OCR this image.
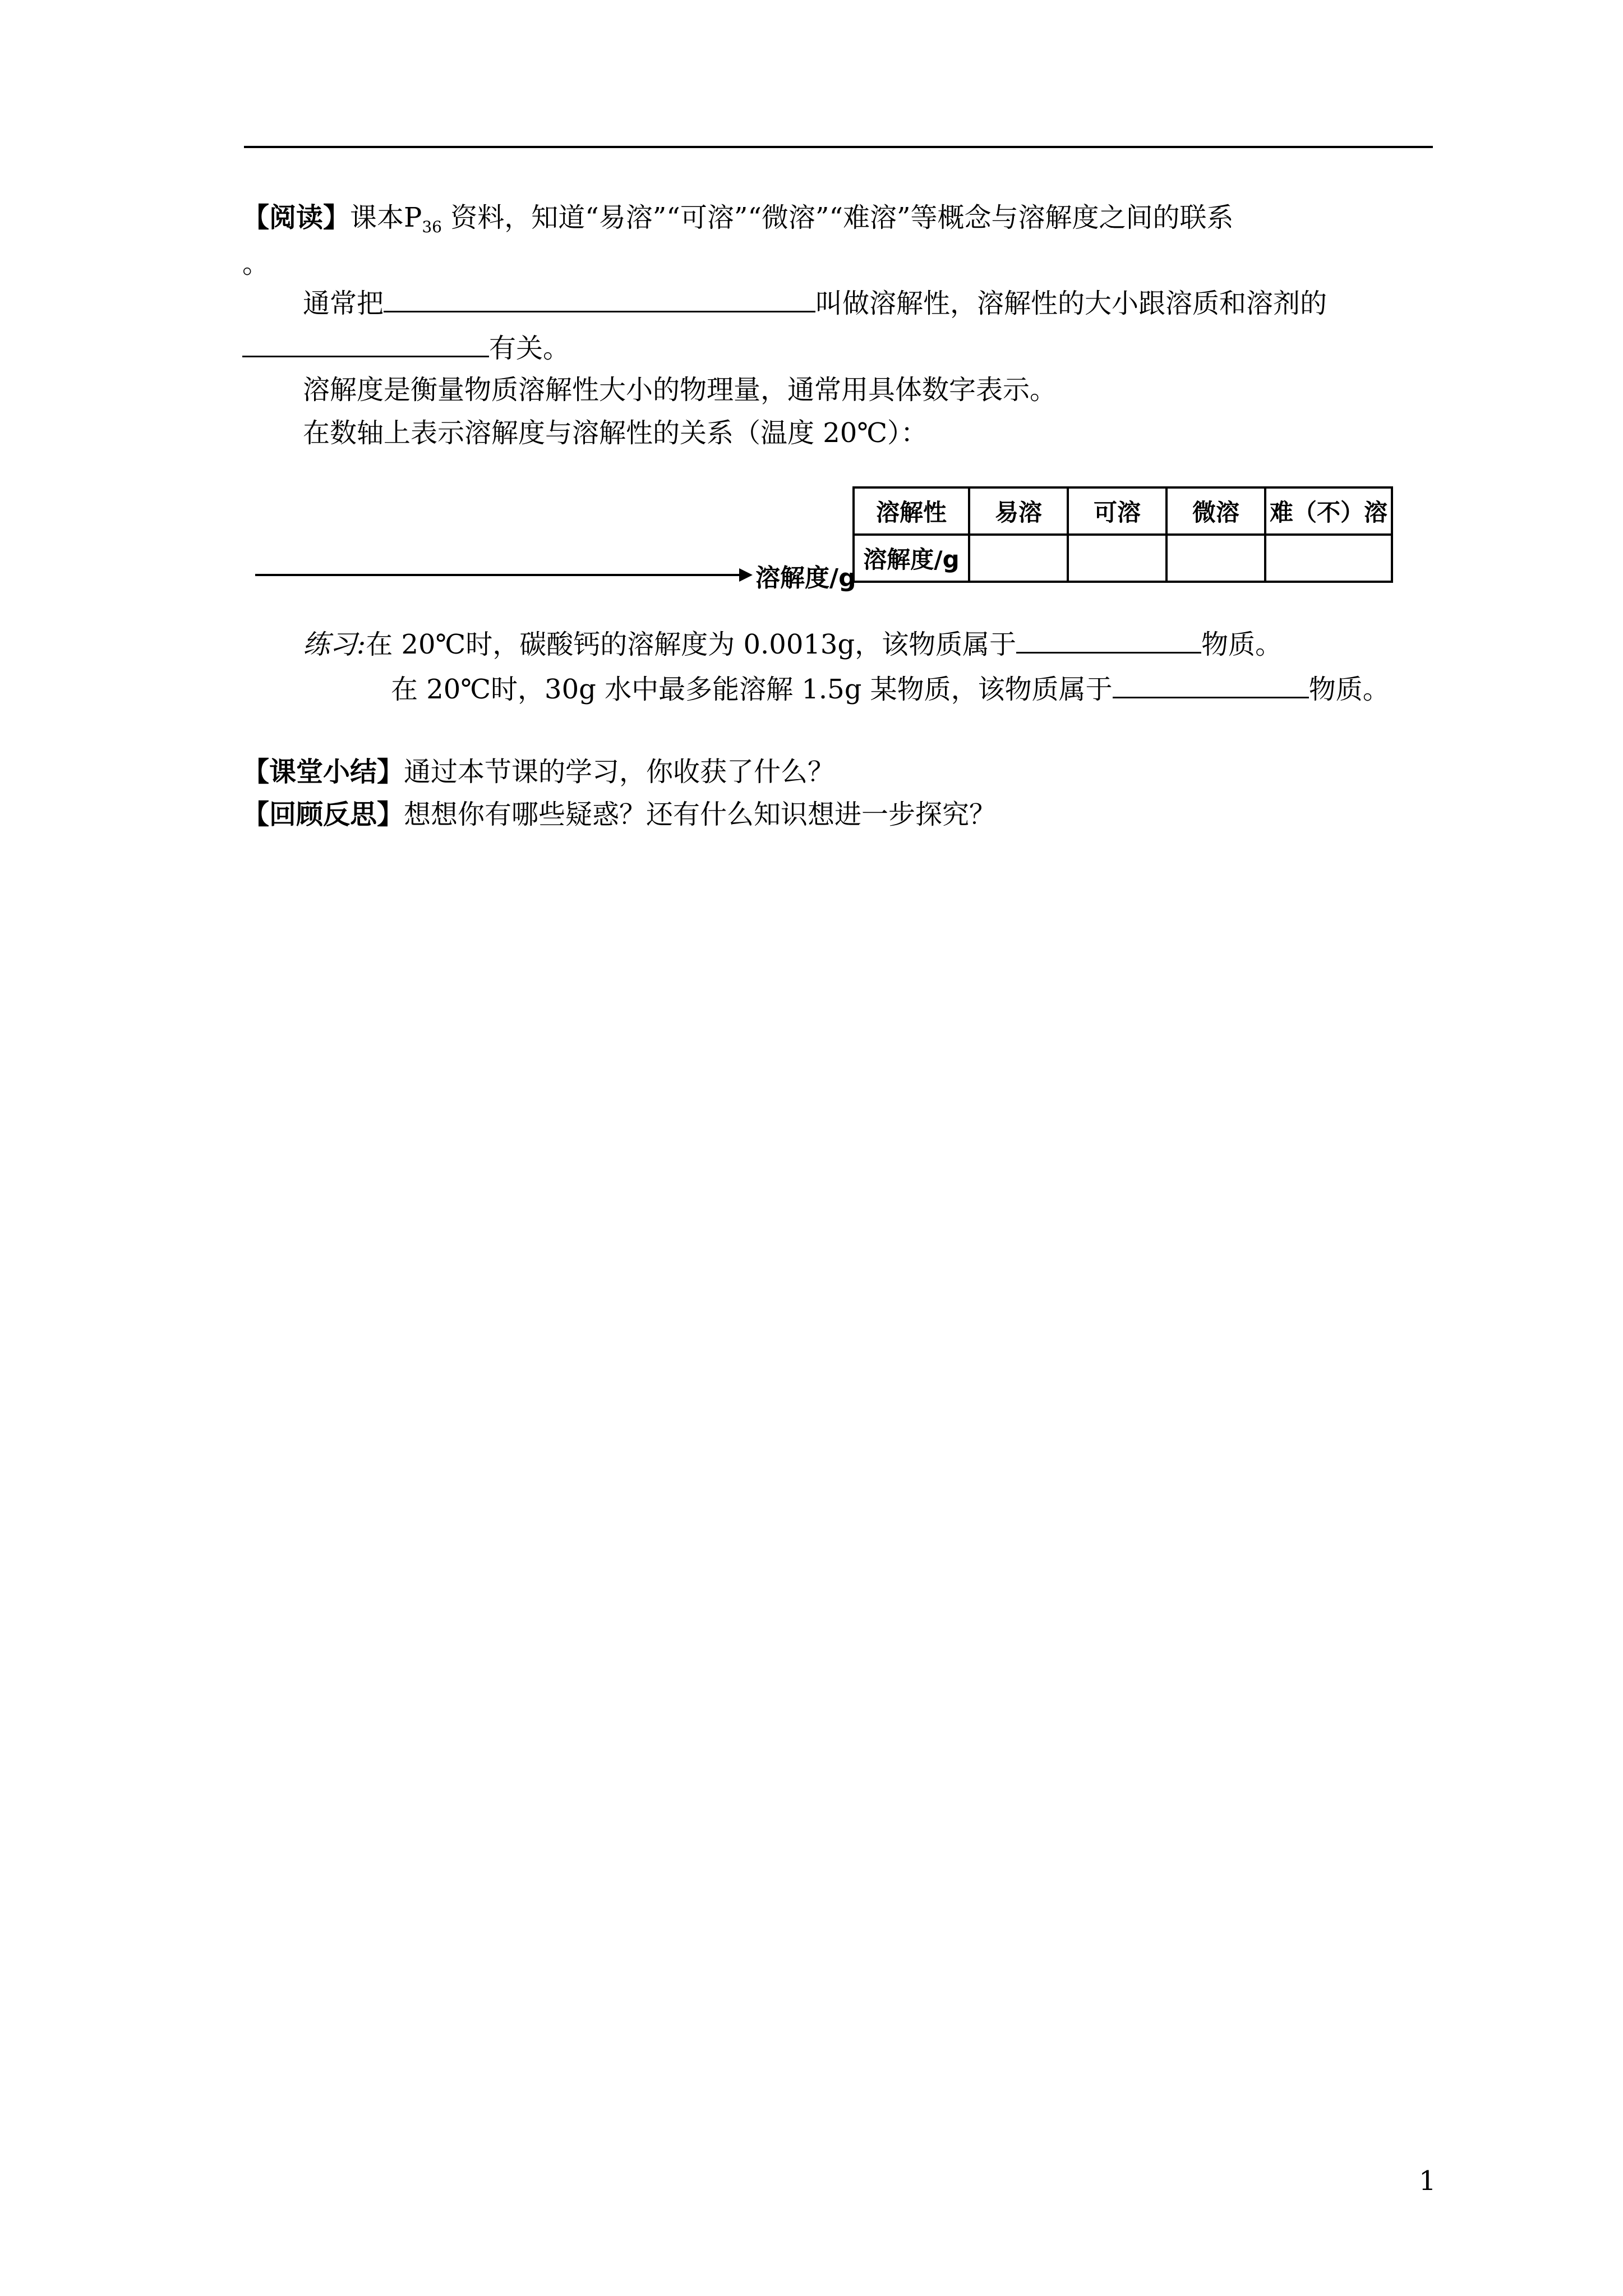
【阅读】课本$P_{36}$ 资料，知道“易溶”“可溶”“微溶”“难溶”等概念与溶解度之间的联系
。
通常把	叫做溶解性，溶解性的大小跟溶质和溶剂的
有关。
溶解度是衡量物质溶解性大小的物理量，通常用具体数字表示。
在数轴上表示溶解度与溶解性的关系（温度 20℃）：
溶解度/g
溶解性	易溶	可溶	微溶	难（不）溶
溶解度/g				
练习:在 20℃时，碳酸钙的溶解度为 0.0013g，该物质属于	物质。
在 20℃时，30g 水中最多能溶解 1.5g 某物质，该物质属于	物质。
【课堂小结】通过本节课的学习，你收获了什么？
【回顾反思】想想你有哪些疑惑？还有什么知识想进一步探究？
1
